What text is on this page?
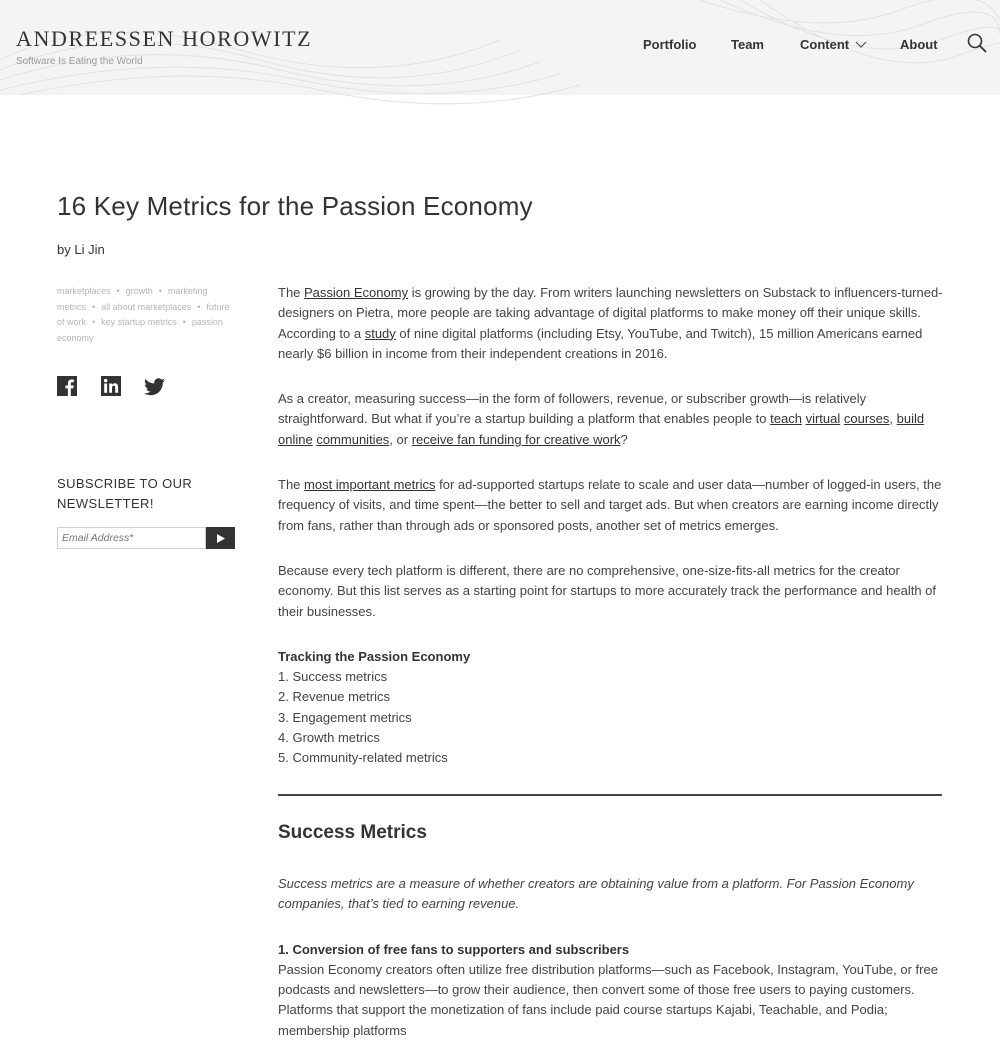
ANDREESSEN HOROWITZ
Software Is Eating the World
Portfolio	Team	Content	About
16 Key Metrics for the Passion Economy
by Li Jin
marketplaces • growth • marketing metrics • all about marketplaces • future of work • key startup metrics • passion economy
SUBSCRIBE TO OUR NEWSLETTER!
Email Address*

The Passion Economy is growing by the day. From writers launching newsletters on Substack to influencers-turned-designers on Pietra, more people are taking advantage of digital platforms to make money off their unique skills. According to a study of nine digital platforms (including Etsy, YouTube, and Twitch), 15 million Americans earned nearly $6 billion in income from their independent creations in 2016.

As a creator, measuring success—in the form of followers, revenue, or subscriber growth—is relatively straightforward. But what if you’re a startup building a platform that enables people to teach virtual courses, build online communities, or receive fan funding for creative work?

The most important metrics for ad-supported startups relate to scale and user data—number of logged-in users, the frequency of visits, and time spent—the better to sell and target ads. But when creators are earning income directly from fans, rather than through ads or sponsored posts, another set of metrics emerges.

Because every tech platform is different, there are no comprehensive, one-size-fits-all metrics for the creator economy. But this list serves as a starting point for startups to more accurately track the performance and health of their businesses.

Tracking the Passion Economy
1. Success metrics
2. Revenue metrics
3. Engagement metrics
4. Growth metrics
5. Community-related metrics
Success Metrics

Success metrics are a measure of whether creators are obtaining value from a platform. For Passion Economy companies, that’s tied to earning revenue.

1. Conversion of free fans to supporters and subscribers

Passion Economy creators often utilize free distribution platforms—such as Facebook, Instagram, YouTube, or free podcasts and newsletters—to grow their audience, then convert some of those free users to paying customers. Platforms that support the monetization of fans include paid course startups Kajabi, Teachable, and Podia; membership platforms
